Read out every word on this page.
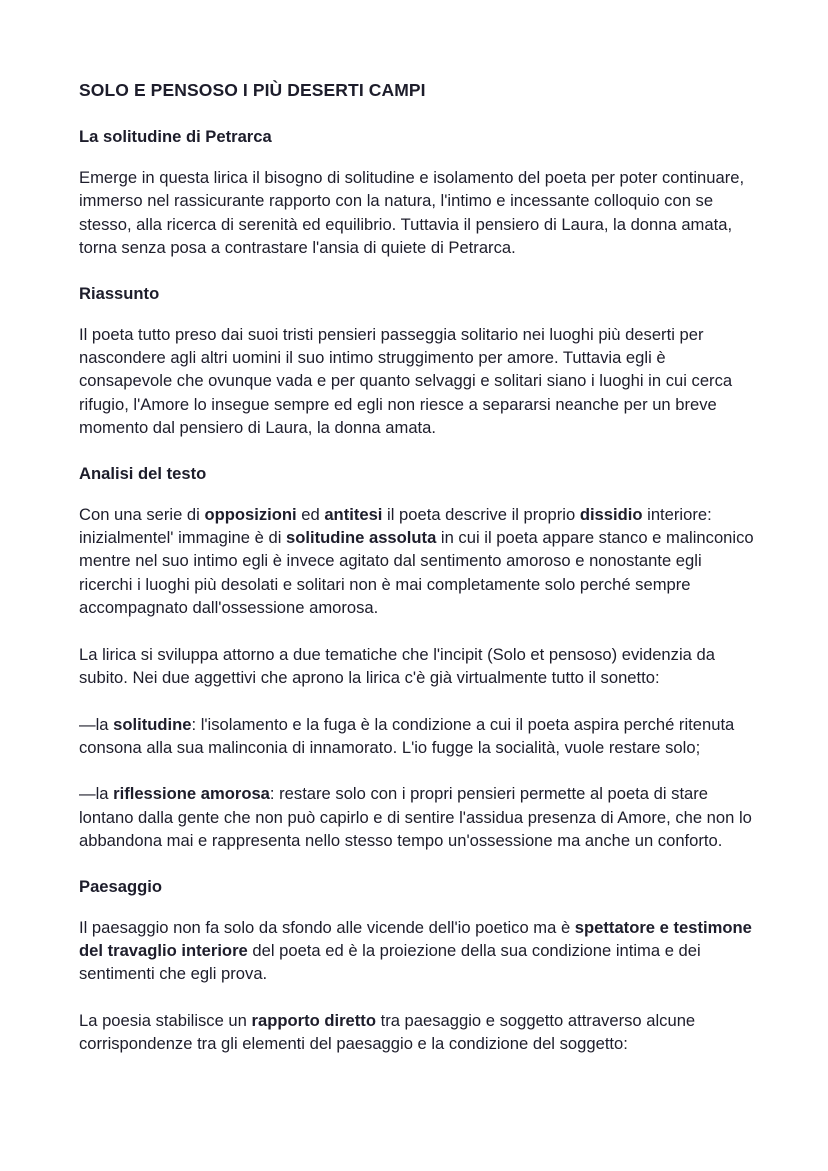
SOLO E PENSOSO I PIÙ DESERTI CAMPI
La solitudine di Petrarca

Emerge in questa lirica il bisogno di solitudine e isolamento del poeta per poter continuare, immerso nel rassicurante rapporto con la natura, l'intimo e incessante colloquio con se stesso, alla ricerca di serenità ed equilibrio. Tuttavia il pensiero di Laura, la donna amata, torna senza posa a contrastare l'ansia di quiete di Petrarca.

Riassunto

Il poeta tutto preso dai suoi tristi pensieri passeggia solitario nei luoghi più deserti per nascondere agli altri uomini il suo intimo struggimento per amore. Tuttavia egli è consapevole che ovunque vada e per quanto selvaggi e solitari siano i luoghi in cui cerca rifugio, l'Amore lo insegue sempre ed egli non riesce a separarsi neanche per un breve momento dal pensiero di Laura, la donna amata.

Analisi del testo

Con una serie di opposizioni ed antitesi il poeta descrive il proprio dissidio interiore: inizialmentel' immagine è di solitudine assoluta in cui il poeta appare stanco e malinconico mentre nel suo intimo egli è invece agitato dal sentimento amoroso e nonostante egli ricerchi i luoghi più desolati e solitari non è mai completamente solo perché sempre accompagnato dall'ossessione amorosa.

La lirica si sviluppa attorno a due tematiche che l'incipit (Solo et pensoso) evidenzia da subito. Nei due aggettivi che aprono la lirica c'è già virtualmente tutto il sonetto:

—la solitudine: l'isolamento e la fuga è la condizione a cui il poeta aspira perché ritenuta consona alla sua malinconia di innamorato. L'io fugge la socialità, vuole restare solo;

—la riflessione amorosa: restare solo con i propri pensieri permette al poeta di stare lontano dalla gente che non può capirlo e di sentire l'assidua presenza di Amore, che non lo abbandona mai e rappresenta nello stesso tempo un'ossessione ma anche un conforto.

Paesaggio

Il paesaggio non fa solo da sfondo alle vicende dell'io poetico ma è spettatore e testimone del travaglio interiore del poeta ed è la proiezione della sua condizione intima e dei sentimenti che egli prova.

La poesia stabilisce un rapporto diretto tra paesaggio e soggetto attraverso alcune corrispondenze tra gli elementi del paesaggio e la condizione del soggetto:
